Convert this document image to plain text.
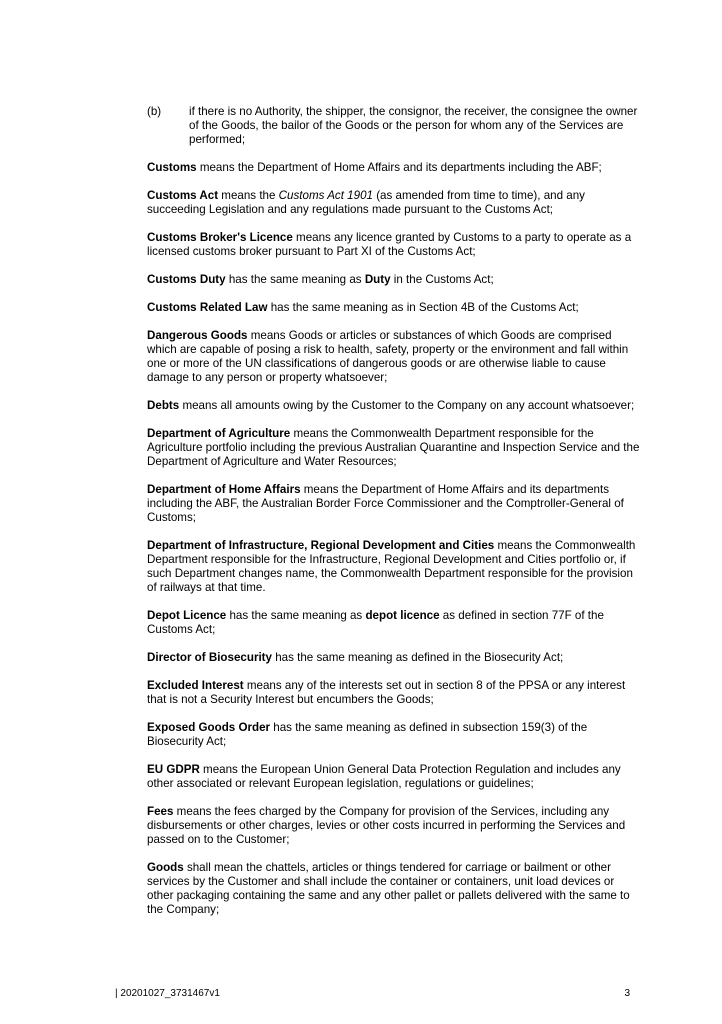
(b)	if there is no Authority, the shipper, the consignor, the receiver, the consignee the owner of the Goods, the bailor of the Goods or the person for whom any of the Services are performed;

Customs means the Department of Home Affairs and its departments including the ABF;

Customs Act means the Customs Act 1901 (as amended from time to time), and any succeeding Legislation and any regulations made pursuant to the Customs Act;

Customs Broker's Licence means any licence granted by Customs to a party to operate as a licensed customs broker pursuant to Part XI of the Customs Act;

Customs Duty has the same meaning as Duty in the Customs Act;

Customs Related Law has the same meaning as in Section 4B of the Customs Act;

Dangerous Goods means Goods or articles or substances of which Goods are comprised which are capable of posing a risk to health, safety, property or the environment and fall within one or more of the UN classifications of dangerous goods or are otherwise liable to cause damage to any person or property whatsoever;

Debts means all amounts owing by the Customer to the Company on any account whatsoever;

Department of Agriculture means the Commonwealth Department responsible for the Agriculture portfolio including the previous Australian Quarantine and Inspection Service and the Department of Agriculture and Water Resources;

Department of Home Affairs means the Department of Home Affairs and its departments including the ABF, the Australian Border Force Commissioner and the Comptroller-General of Customs;

Department of Infrastructure, Regional Development and Cities means the Commonwealth Department responsible for the Infrastructure, Regional Development and Cities portfolio or, if such Department changes name, the Commonwealth Department responsible for the provision of railways at that time.

Depot Licence has the same meaning as depot licence as defined in section 77F of the Customs Act;

Director of Biosecurity has the same meaning as defined in the Biosecurity Act;

Excluded Interest means any of the interests set out in section 8 of the PPSA or any interest that is not a Security Interest but encumbers the Goods;

Exposed Goods Order has the same meaning as defined in subsection 159(3) of the Biosecurity Act;

EU GDPR means the European Union General Data Protection Regulation and includes any other associated or relevant European legislation, regulations or guidelines;

Fees means the fees charged by the Company for provision of the Services, including any disbursements or other charges, levies or other costs incurred in performing the Services and passed on to the Customer;

Goods shall mean the chattels, articles or things tendered for carriage or bailment or other services by the Customer and shall include the container or containers, unit load devices or other packaging containing the same and any other pallet or pallets delivered with the same to the Company;

| 20201027_3731467v1	3
